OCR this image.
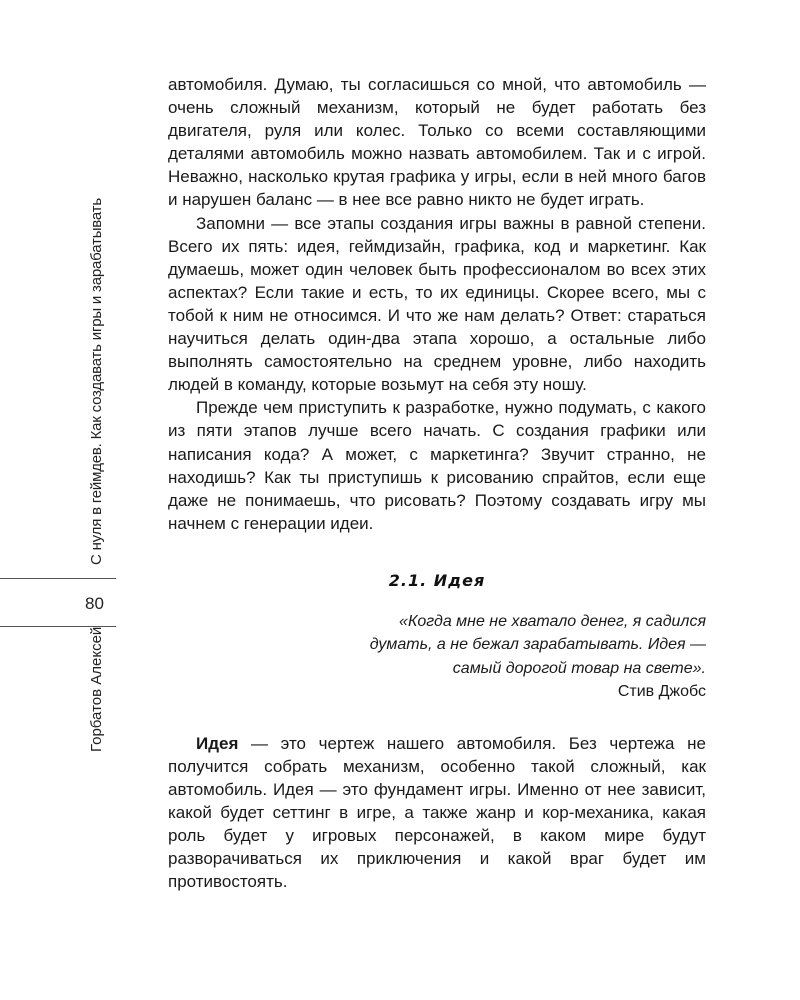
С нуля в геймдев. Как создавать игры и зарабатывать
80
Горбатов Алексей

автомобиля. Думаю, ты согласишься со мной, что автомобиль — очень сложный механизм, который не будет работать без двигателя, руля или колес. Только со всеми составляющими деталями автомобиль можно назвать автомобилем. Так и с игрой. Неважно, насколько крутая графика у игры, если в ней много багов и нарушен баланс — в нее все равно никто не будет играть.

Запомни — все этапы создания игры важны в равной степени. Всего их пять: идея, геймдизайн, графика, код и маркетинг. Как думаешь, может один человек быть профессионалом во всех этих аспектах? Если такие и есть, то их единицы. Скорее всего, мы с тобой к ним не относимся. И что же нам делать? Ответ: стараться научиться делать один-два этапа хорошо, а остальные либо выполнять самостоятельно на среднем уровне, либо находить людей в команду, которые возьмут на себя эту ношу.

Прежде чем приступить к разработке, нужно подумать, с какого из пяти этапов лучше всего начать. С создания графики или написания кода? А может, с маркетинга? Звучит странно, не находишь? Как ты приступишь к рисованию спрайтов, если еще даже не понимаешь, что рисовать? Поэтому создавать игру мы начнем с генерации идеи.

2.1. Идея
«Когда мне не хватало денег, я садился
думать, а не бежал зарабатывать. Идея —
самый дорогой товар на свете».
Стив Джобс

Идея — это чертеж нашего автомобиля. Без чертежа не получится собрать механизм, особенно такой сложный, как автомобиль. Идея — это фундамент игры. Именно от нее зависит, какой будет сеттинг в игре, а также жанр и кор-механика, какая роль будет у игровых персонажей, в каком мире будут разворачиваться их приключения и какой враг будет им противостоять.
